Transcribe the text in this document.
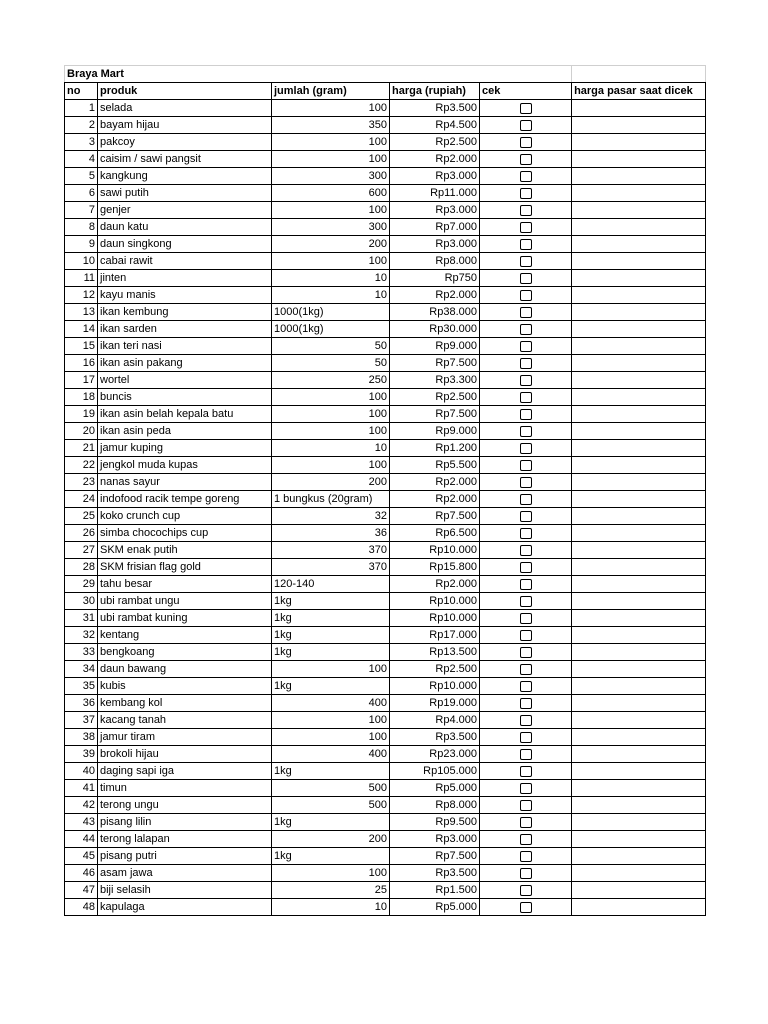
Braya Mart					
no	produk	jumlah (gram)	harga (rupiah)	cek	harga pasar saat dicek
1	selada	100	Rp3.500		
2	bayam hijau	350	Rp4.500		
3	pakcoy	100	Rp2.500		
4	caisim / sawi pangsit	100	Rp2.000		
5	kangkung	300	Rp3.000		
6	sawi putih	600	Rp11.000		
7	genjer	100	Rp3.000		
8	daun katu	300	Rp7.000		
9	daun singkong	200	Rp3.000		
10	cabai rawit	100	Rp8.000		
11	jinten	10	Rp750		
12	kayu manis	10	Rp2.000		
13	ikan kembung	1000(1kg)	Rp38.000		
14	ikan sarden	1000(1kg)	Rp30.000		
15	ikan teri nasi	50	Rp9.000		
16	ikan asin pakang	50	Rp7.500		
17	wortel	250	Rp3.300		
18	buncis	100	Rp2.500		
19	ikan asin belah kepala batu	100	Rp7.500		
20	ikan asin peda	100	Rp9.000		
21	jamur kuping	10	Rp1.200		
22	jengkol muda kupas	100	Rp5.500		
23	nanas sayur	200	Rp2.000		
24	indofood racik tempe goreng	1 bungkus (20gram)	Rp2.000		
25	koko crunch cup	32	Rp7.500		
26	simba chocochips cup	36	Rp6.500		
27	SKM enak putih	370	Rp10.000		
28	SKM frisian flag gold	370	Rp15.800		
29	tahu besar	120-140	Rp2.000		
30	ubi rambat ungu	1kg	Rp10.000		
31	ubi rambat kuning	1kg	Rp10.000		
32	kentang	1kg	Rp17.000		
33	bengkoang	1kg	Rp13.500		
34	daun bawang	100	Rp2.500		
35	kubis	1kg	Rp10.000		
36	kembang kol	400	Rp19.000		
37	kacang tanah	100	Rp4.000		
38	jamur tiram	100	Rp3.500		
39	brokoli hijau	400	Rp23.000		
40	daging sapi iga	1kg	Rp105.000		
41	timun	500	Rp5.000		
42	terong ungu	500	Rp8.000		
43	pisang lilin	1kg	Rp9.500		
44	terong lalapan	200	Rp3.000		
45	pisang putri	1kg	Rp7.500		
46	asam jawa	100	Rp3.500		
47	biji selasih	25	Rp1.500		
48	kapulaga	10	Rp5.000		
